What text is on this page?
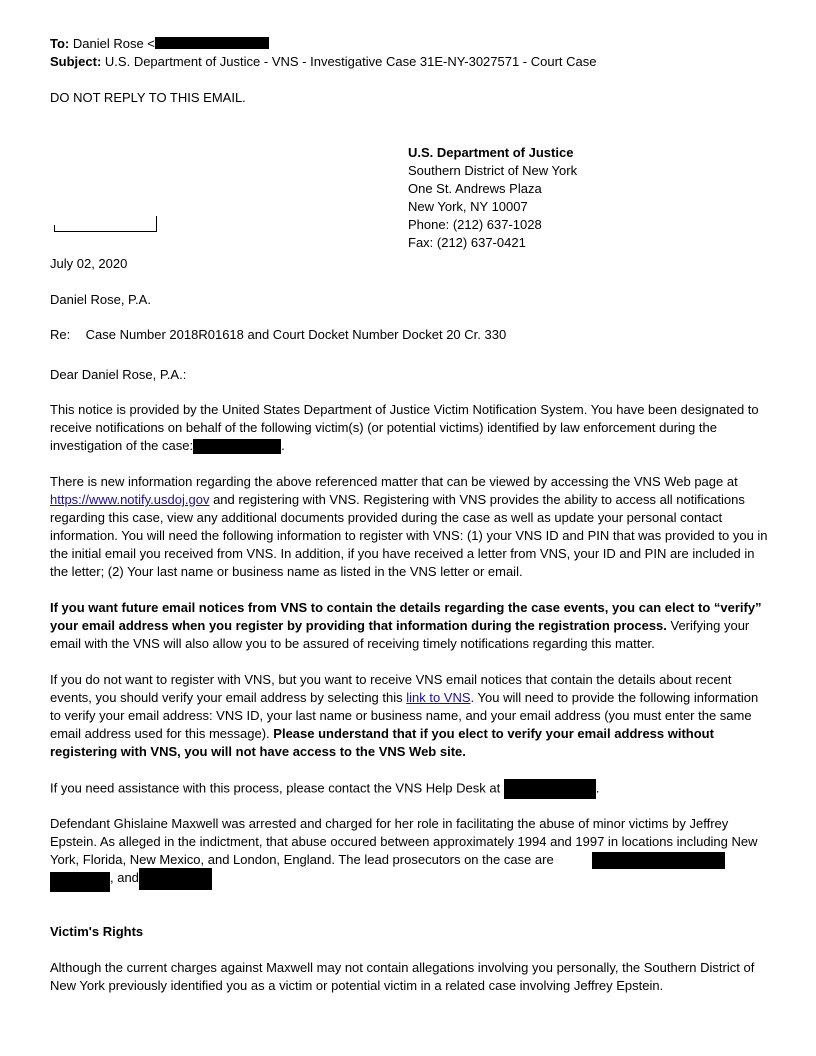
To: Daniel Rose <
Subject: U.S. Department of Justice - VNS - Investigative Case 31E-NY-3027571 - Court Case
DO NOT REPLY TO THIS EMAIL.
U.S. Department of Justice
Southern District of New York
One St. Andrews Plaza
New York, NY 10007
Phone: (212) 637-1028
Fax: (212) 637-0421
July 02, 2020
Daniel Rose, P.A.
Re: Case Number 2018R01618 and Court Docket Number Docket 20 Cr. 330
Dear Daniel Rose, P.A.:

This notice is provided by the United States Department of Justice Victim Notification System. You have been designated to receive notifications on behalf of the following victim(s) (or potential victims) identified by law enforcement during the investigation of the case:	.

There is new information regarding the above referenced matter that can be viewed by accessing the VNS Web page at https://www.notify.usdoj.gov and registering with VNS. Registering with VNS provides the ability to access all notifications regarding this case, view any additional documents provided during the case as well as update your personal contact information. You will need the following information to register with VNS: (1) your VNS ID and PIN that was provided to you in the initial email you received from VNS. In addition, if you have received a letter from VNS, your ID and PIN are included in the letter; (2) Your last name or business name as listed in the VNS letter or email.

If you want future email notices from VNS to contain the details regarding the case events, you can elect to “verify” your email address when you register by providing that information during the registration process. Verifying your email with the VNS will also allow you to be assured of receiving timely notifications regarding this matter.

If you do not want to register with VNS, but you want to receive VNS email notices that contain the details about recent events, you should verify your email address by selecting this link to VNS. You will need to provide the following information to verify your email address: VNS ID, your last name or business name, and your email address (you must enter the same email address used for this message). Please understand that if you elect to verify your email address without registering with VNS, you will not have access to the VNS Web site.

If you need assistance with this process, please contact the VNS Help Desk at	.

Defendant Ghislaine Maxwell was arrested and charged for her role in facilitating the abuse of minor victims by Jeffrey Epstein. As alleged in the indictment, that abuse occured between approximately 1994 and 1997 in locations including New York, Florida, New Mexico, and London, England. The lead prosecutors on the case are

, and
Victim's Rights

Although the current charges against Maxwell may not contain allegations involving you personally, the Southern District of New York previously identified you as a victim or potential victim in a related case involving Jeffrey Epstein.
